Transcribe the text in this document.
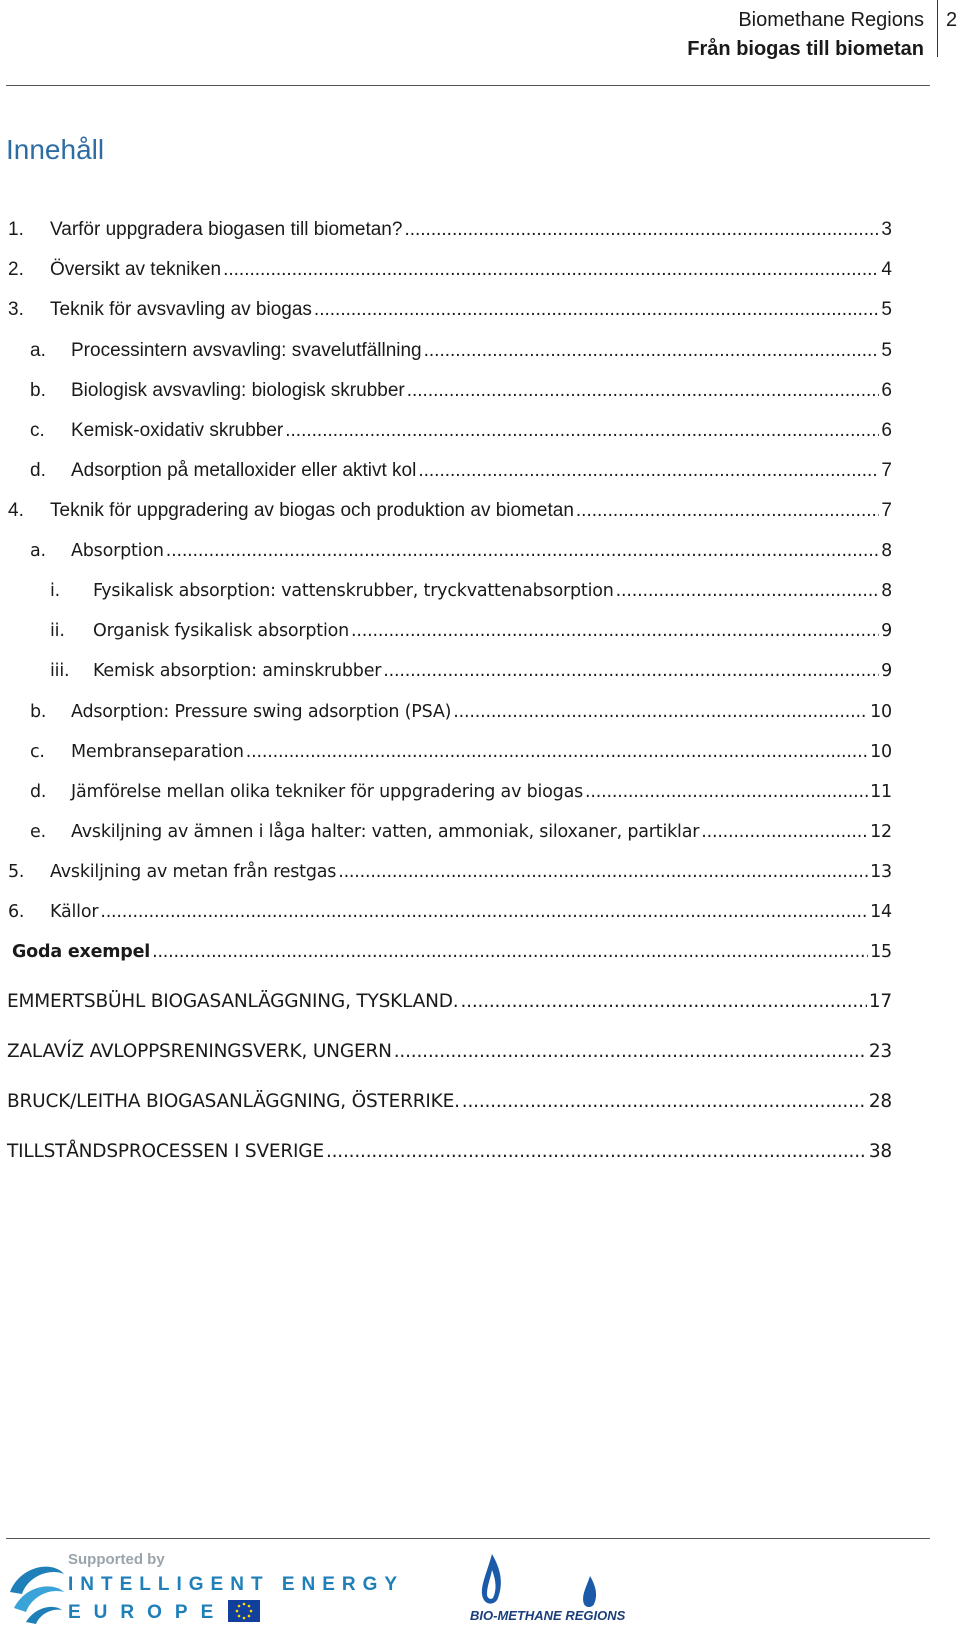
Biomethane Regions
Från biogas till biometan
2
Innehåll
1.	Varför uppgradera biogasen till biometan? .....	3
2.	Översikt av tekniken .....	4
3.	Teknik för avsvavling av biogas .....	5
a.	Processintern avsvavling: svavelutfällning .....	5
b.	Biologisk avsvavling: biologisk skrubber .....	6
c.	Kemisk-oxidativ skrubber .....	6
d.	Adsorption på metalloxider eller aktivt kol .....	7
4.	Teknik för uppgradering av biogas och produktion av biometan .....	7
a.	Absorption .....	8
i.	Fysikalisk absorption: vattenskrubber, tryckvattenabsorption .....	8
ii.	Organisk fysikalisk absorption .....	9
iii.	Kemisk absorption: aminskrubber .....	9
b.	Adsorption: Pressure swing adsorption (PSA) .....	10
c.	Membranseparation .....	10
d.	Jämförelse mellan olika tekniker för uppgradering av biogas .....	11
e.	Avskiljning av ämnen i låga halter: vatten, ammoniak, siloxaner, partiklar .....	12
5.	Avskiljning av metan från restgas .....	13
6.	Källor .....	14
Goda exempel .....	15
EMMERTSBÜHL BIOGASANLÄGGNING, TYSKLAND. .....	17
ZALAVÍZ AVLOPPSRENINGSVERK, UNGERN .....	23
BRUCK/LEITHA BIOGASANLÄGGNING, ÖSTERRIKE. .....	28
TILLSTÅNDSPROCESSEN I SVERIGE .....	38
Supported by
INTELLIGENT ENERGY
EUROPE	BIO-METHANE REGIONS
